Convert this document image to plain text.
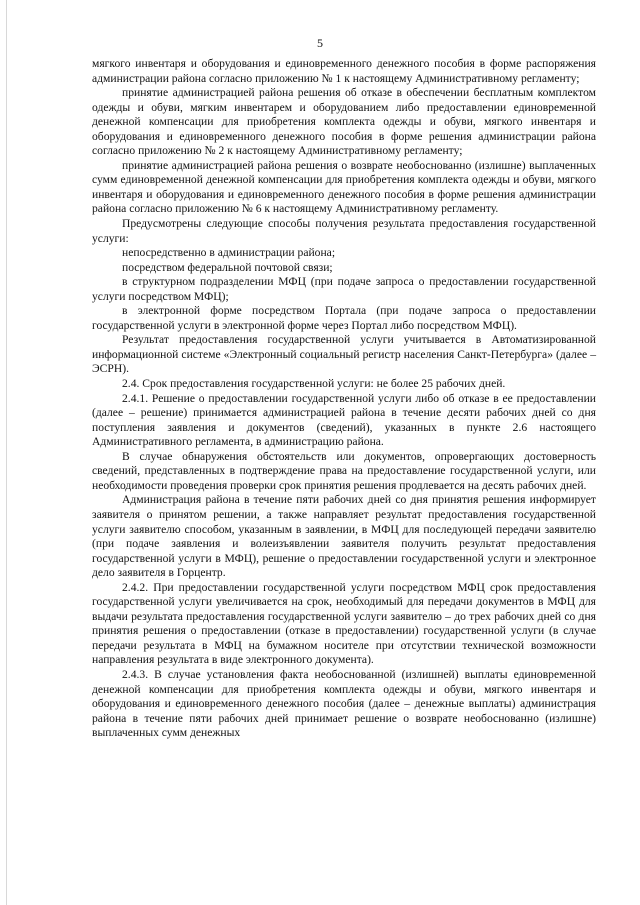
5

мягкого инвентаря и оборудования и единовременного денежного пособия в форме распоряжения администрации района согласно приложению № 1 к настоящему Административному регламенту;

принятие администрацией района решения об отказе в обеспечении бесплатным комплектом одежды и обуви, мягким инвентарем и оборудованием либо предоставлении единовременной денежной компенсации для приобретения комплекта одежды и обуви, мягкого инвентаря и оборудования и единовременного денежного пособия в форме решения администрации района согласно приложению № 2 к настоящему Административному регламенту;

принятие администрацией района решения о возврате необоснованно (излишне) выплаченных сумм единовременной денежной компенсации для приобретения комплекта одежды и обуви, мягкого инвентаря и оборудования и единовременного денежного пособия в форме решения администрации района согласно приложению № 6 к настоящему Административному регламенту.

Предусмотрены следующие способы получения результата предоставления государственной услуги:

непосредственно в администрации района;

посредством федеральной почтовой связи;

в структурном подразделении МФЦ (при подаче запроса о предоставлении государственной услуги посредством МФЦ);

в электронной форме посредством Портала (при подаче запроса о предоставлении государственной услуги в электронной форме через Портал либо посредством МФЦ).

Результат предоставления государственной услуги учитывается в Автоматизированной информационной системе «Электронный социальный регистр населения Санкт-Петербурга» (далее – ЭСРН).

2.4. Срок предоставления государственной услуги: не более 25 рабочих дней.

2.4.1. Решение о предоставлении государственной услуги либо об отказе в ее предоставлении (далее – решение) принимается администрацией района в течение десяти рабочих дней со дня поступления заявления и документов (сведений), указанных в пункте 2.6 настоящего Административного регламента, в администрацию района.

В случае обнаружения обстоятельств или документов, опровергающих достоверность сведений, представленных в подтверждение права на предоставление государственной услуги, или необходимости проведения проверки срок принятия решения продлевается на десять рабочих дней.

Администрация района в течение пяти рабочих дней со дня принятия решения информирует заявителя о принятом решении, а также направляет результат предоставления государственной услуги заявителю способом, указанным в заявлении, в МФЦ для последующей передачи заявителю (при подаче заявления и волеизъявлении заявителя получить результат предоставления государственной услуги в МФЦ), решение о предоставлении государственной услуги и электронное дело заявителя в Горцентр.

2.4.2. При предоставлении государственной услуги посредством МФЦ срок предоставления государственной услуги увеличивается на срок, необходимый для передачи документов в МФЦ для выдачи результата предоставления государственной услуги заявителю – до трех рабочих дней со дня принятия решения о предоставлении (отказе в предоставлении) государственной услуги (в случае передачи результата в МФЦ на бумажном носителе при отсутствии технической возможности направления результата в виде электронного документа).

2.4.3. В случае установления факта необоснованной (излишней) выплаты единовременной денежной компенсации для приобретения комплекта одежды и обуви, мягкого инвентаря и оборудования и единовременного денежного пособия (далее – денежные выплаты) администрация района в течение пяти рабочих дней принимает решение о возврате необоснованно (излишне) выплаченных сумм денежных
